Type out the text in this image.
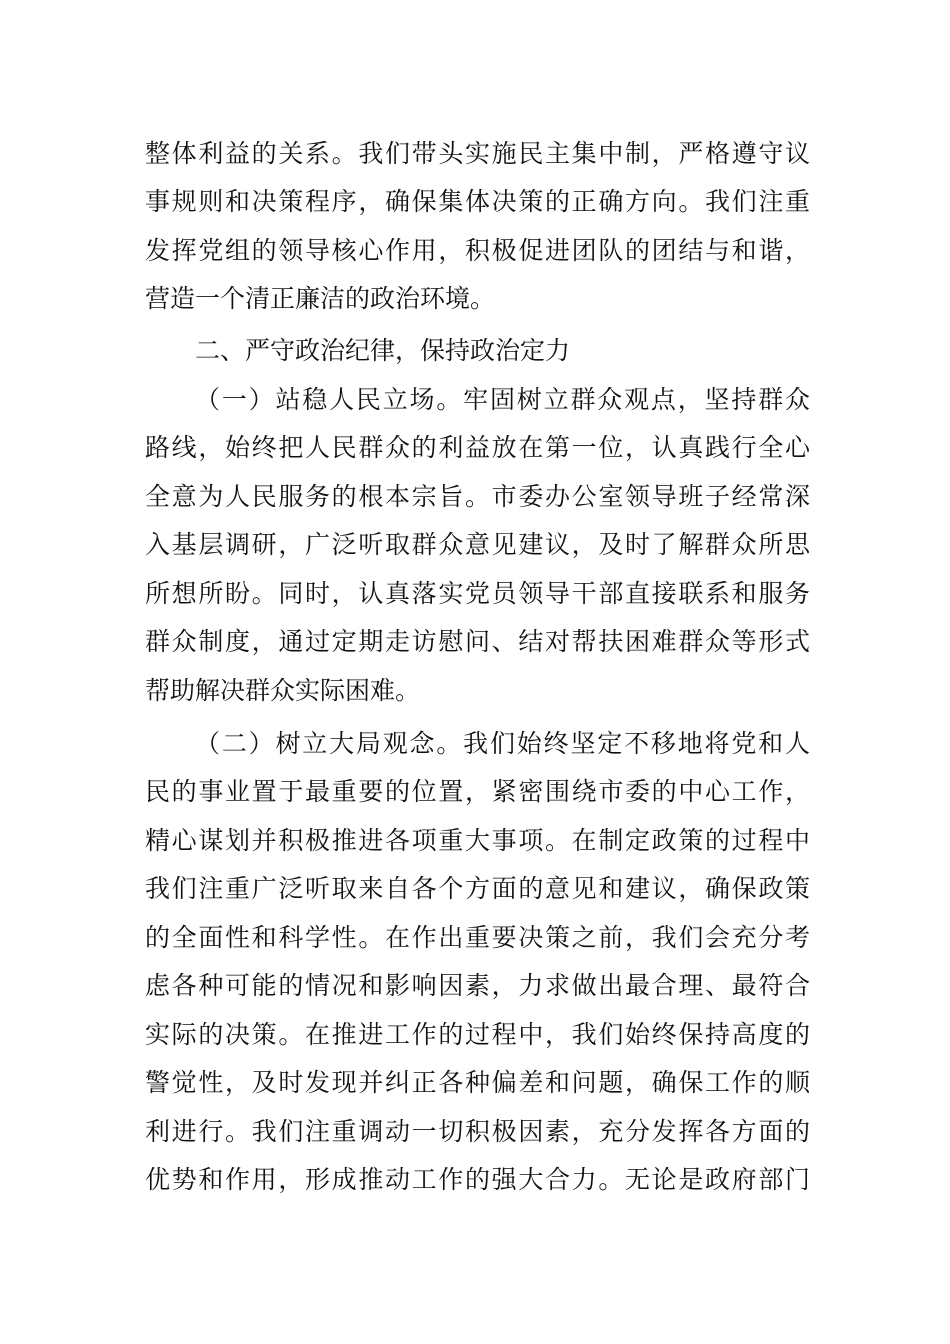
整体利益的关系。我们带头实施民主集中制，严格遵守议
事规则和决策程序，确保集体决策的正确方向。我们注重
发挥党组的领导核心作用，积极促进团队的团结与和谐，
营造一个清正廉洁的政治环境。
二、严守政治纪律，保持政治定力
（一）站稳人民立场。牢固树立群众观点，坚持群众
路线，始终把人民群众的利益放在第一位，认真践行全心
全意为人民服务的根本宗旨。市委办公室领导班子经常深
入基层调研，广泛听取群众意见建议，及时了解群众所思
所想所盼。同时，认真落实党员领导干部直接联系和服务
群众制度，通过定期走访慰问、结对帮扶困难群众等形式
帮助解决群众实际困难。
（二）树立大局观念。我们始终坚定不移地将党和人
民的事业置于最重要的位置，紧密围绕市委的中心工作，
精心谋划并积极推进各项重大事项。在制定政策的过程中
我们注重广泛听取来自各个方面的意见和建议，确保政策
的全面性和科学性。在作出重要决策之前，我们会充分考
虑各种可能的情况和影响因素，力求做出最合理、最符合
实际的决策。在推进工作的过程中，我们始终保持高度的
警觉性，及时发现并纠正各种偏差和问题，确保工作的顺
利进行。我们注重调动一切积极因素，充分发挥各方面的
优势和作用，形成推动工作的强大合力。无论是政府部门
